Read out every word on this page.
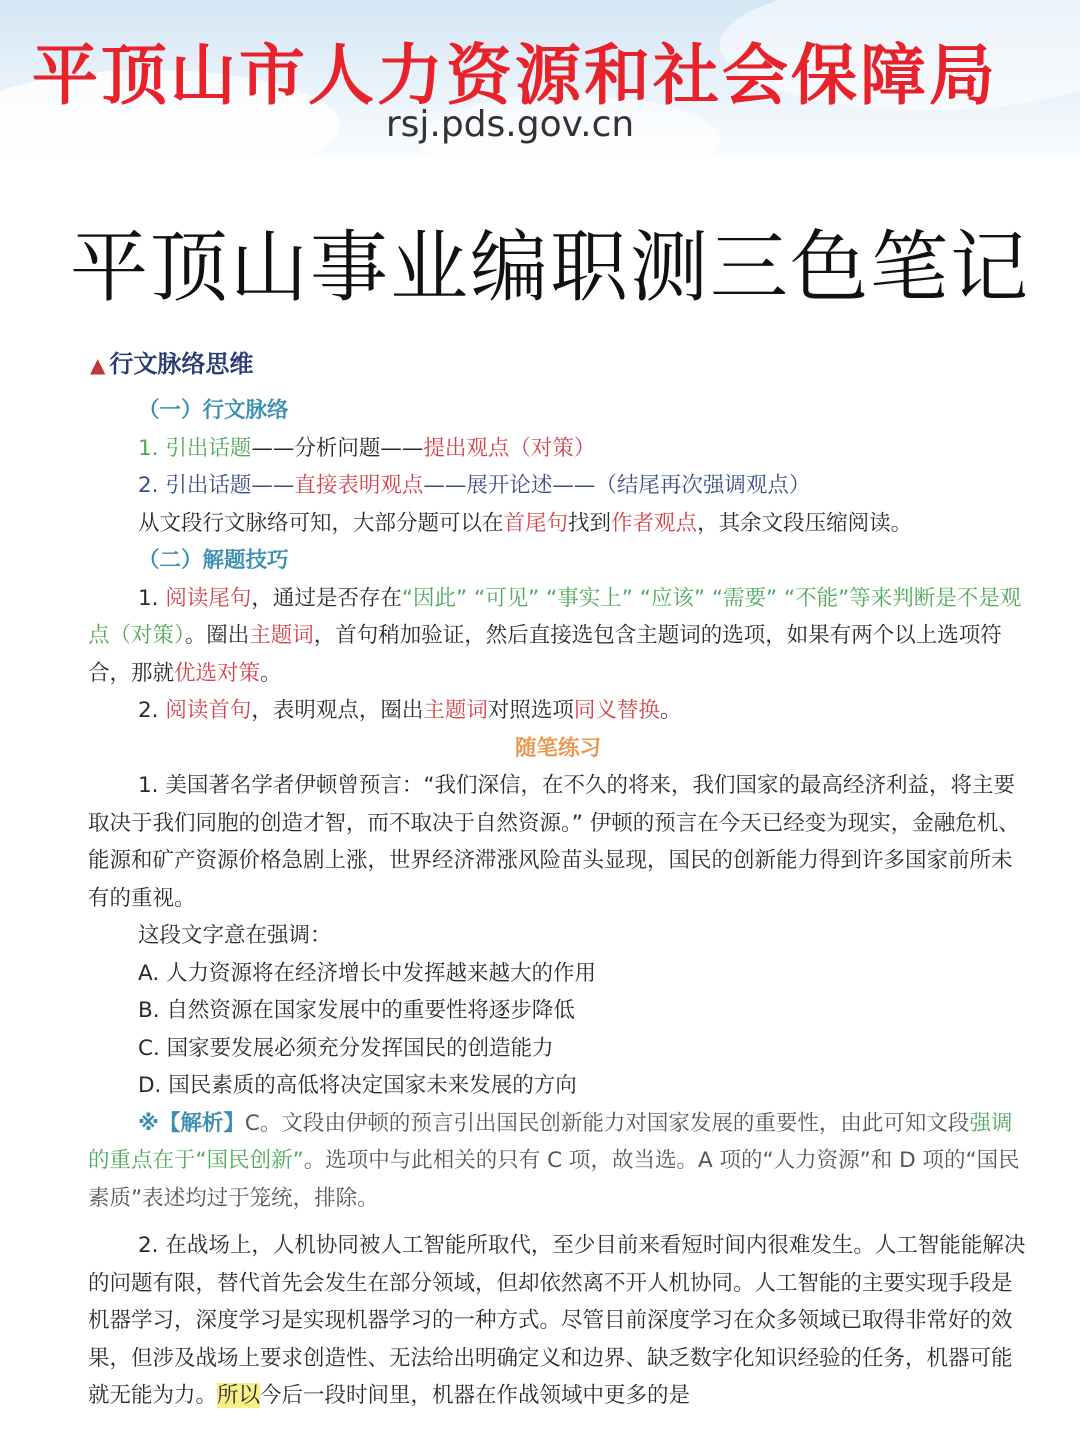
平顶山市人力资源和社会保障局
rsj.pds.gov.cn
平顶山事业编职测三色笔记
▲ 行文脉络思维

（一）行文脉络

1. 引出话题——分析问题——提出观点（对策）

2. 引出话题——直接表明观点——展开论述——（结尾再次强调观点）

从文段行文脉络可知，大部分题可以在首尾句找到作者观点，其余文段压缩阅读。

（二）解题技巧

1. 阅读尾句，通过是否存在“因此” “可见” “事实上” “应该” “需要” “不能”等来判断是不是观点（对策）。圈出主题词，首句稍加验证，然后直接选包含主题词的选项，如果有两个以上选项符合，那就优选对策。

2. 阅读首句，表明观点，圈出主题词对照选项同义替换。

随笔练习

1. 美国著名学者伊顿曾预言：“我们深信，在不久的将来，我们国家的最高经济利益，将主要取决于我们同胞的创造才智，而不取决于自然资源。” 伊顿的预言在今天已经变为现实，金融危机、能源和矿产资源价格急剧上涨，世界经济滞涨风险苗头显现，国民的创新能力得到许多国家前所未有的重视。

这段文字意在强调：

A. 人力资源将在经济增长中发挥越来越大的作用

B. 自然资源在国家发展中的重要性将逐步降低

C. 国家要发展必须充分发挥国民的创造能力

D. 国民素质的高低将决定国家未来发展的方向

※【解析】C。文段由伊顿的预言引出国民创新能力对国家发展的重要性，由此可知文段强调的重点在于“国民创新”。选项中与此相关的只有 C 项，故当选。A 项的“人力资源”和 D 项的“国民素质”表述均过于笼统，排除。

2. 在战场上，人机协同被人工智能所取代，至少目前来看短时间内很难发生。人工智能能解决的问题有限，替代首先会发生在部分领域，但却依然离不开人机协同。人工智能的主要实现手段是机器学习，深度学习是实现机器学习的一种方式。尽管目前深度学习在众多领域已取得非常好的效果，但涉及战场上要求创造性、无法给出明确定义和边界、缺乏数字化知识经验的任务，机器可能就无能为力。所以今后一段时间里，机器在作战领域中更多的是
